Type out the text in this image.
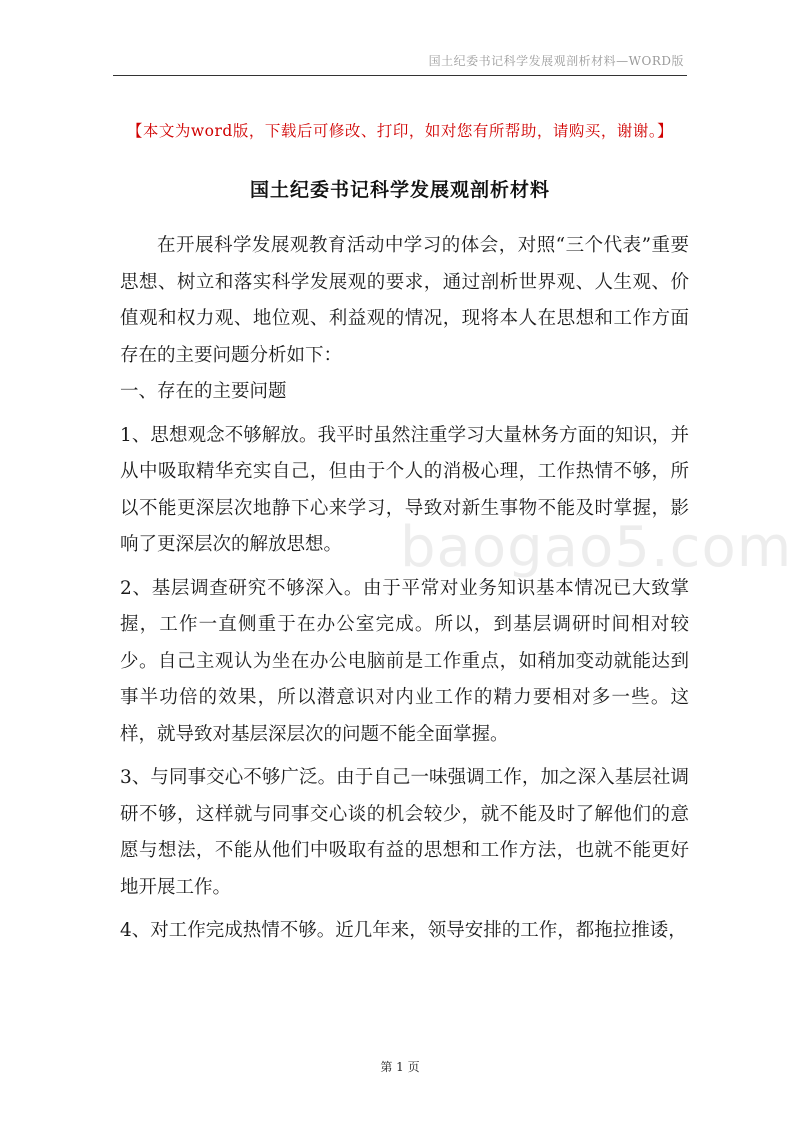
国土纪委书记科学发展观剖析材料—WORD版
【本文为word版，下载后可修改、打印，如对您有所帮助，请购买，谢谢。】
国土纪委书记科学发展观剖析材料
baogao5.com

在开展科学发展观教育活动中学习的体会，对照“三个代表”重要思想、树立和落实科学发展观的要求，通过剖析世界观、人生观、价值观和权力观、地位观、利益观的情况，现将本人在思想和工作方面存在的主要问题分析如下：

一、存在的主要问题

1、思想观念不够解放。我平时虽然注重学习大量林务方面的知识，并从中吸取精华充实自己，但由于个人的消极心理，工作热情不够，所以不能更深层次地静下心来学习，导致对新生事物不能及时掌握，影响了更深层次的解放思想。

2、基层调查研究不够深入。由于平常对业务知识基本情况已大致掌握，工作一直侧重于在办公室完成。所以，到基层调研时间相对较少。自己主观认为坐在办公电脑前是工作重点，如稍加变动就能达到事半功倍的效果，所以潜意识对内业工作的精力要相对多一些。这样，就导致对基层深层次的问题不能全面掌握。

3、与同事交心不够广泛。由于自己一味强调工作，加之深入基层社调研不够，这样就与同事交心谈的机会较少，就不能及时了解他们的意愿与想法，不能从他们中吸取有益的思想和工作方法，也就不能更好地开展工作。

4、对工作完成热情不够。近几年来，领导安排的工作，都拖拉推诿，

第 1 页
